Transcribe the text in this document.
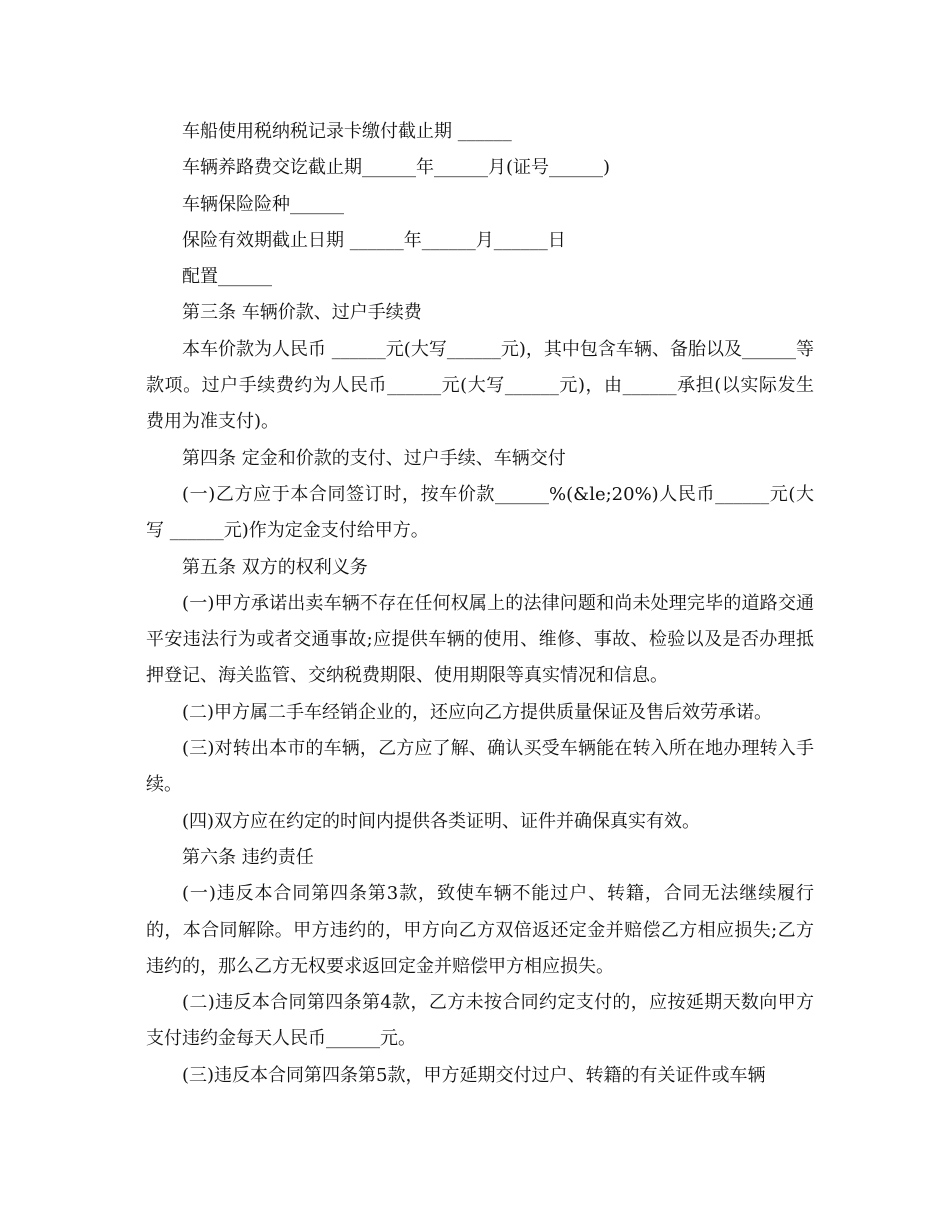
车船使用税纳税记录卡缴付截止期 ______

车辆养路费交讫截止期______年______月(证号______)

车辆保险险种______

保险有效期截止日期 ______年______月______日

配置______

第三条 车辆价款、过户手续费

本车价款为人民币 ______元(大写______元)，其中包含车辆、备胎以及______等款项。过户手续费约为人民币______元(大写______元)，由______承担(以实际发生费用为准支付)。

第四条 定金和价款的支付、过户手续、车辆交付

(一)乙方应于本合同签订时，按车价款______%(&le;20%)人民币______元(大写 ______元)作为定金支付给甲方。

第五条 双方的权利义务

(一)甲方承诺出卖车辆不存在任何权属上的法律问题和尚未处理完毕的道路交通平安违法行为或者交通事故;应提供车辆的使用、维修、事故、检验以及是否办理抵押登记、海关监管、交纳税费期限、使用期限等真实情况和信息。

(二)甲方属二手车经销企业的，还应向乙方提供质量保证及售后效劳承诺。

(三)对转出本市的车辆，乙方应了解、确认买受车辆能在转入所在地办理转入手续。

(四)双方应在约定的时间内提供各类证明、证件并确保真实有效。

第六条 违约责任

(一)违反本合同第四条第3款，致使车辆不能过户、转籍，合同无法继续履行的，本合同解除。甲方违约的，甲方向乙方双倍返还定金并赔偿乙方相应损失;乙方违约的，那么乙方无权要求返回定金并赔偿甲方相应损失。

(二)违反本合同第四条第4款，乙方未按合同约定支付的，应按延期天数向甲方支付违约金每天人民币______元。

(三)违反本合同第四条第5款，甲方延期交付过户、转籍的有关证件或车辆
